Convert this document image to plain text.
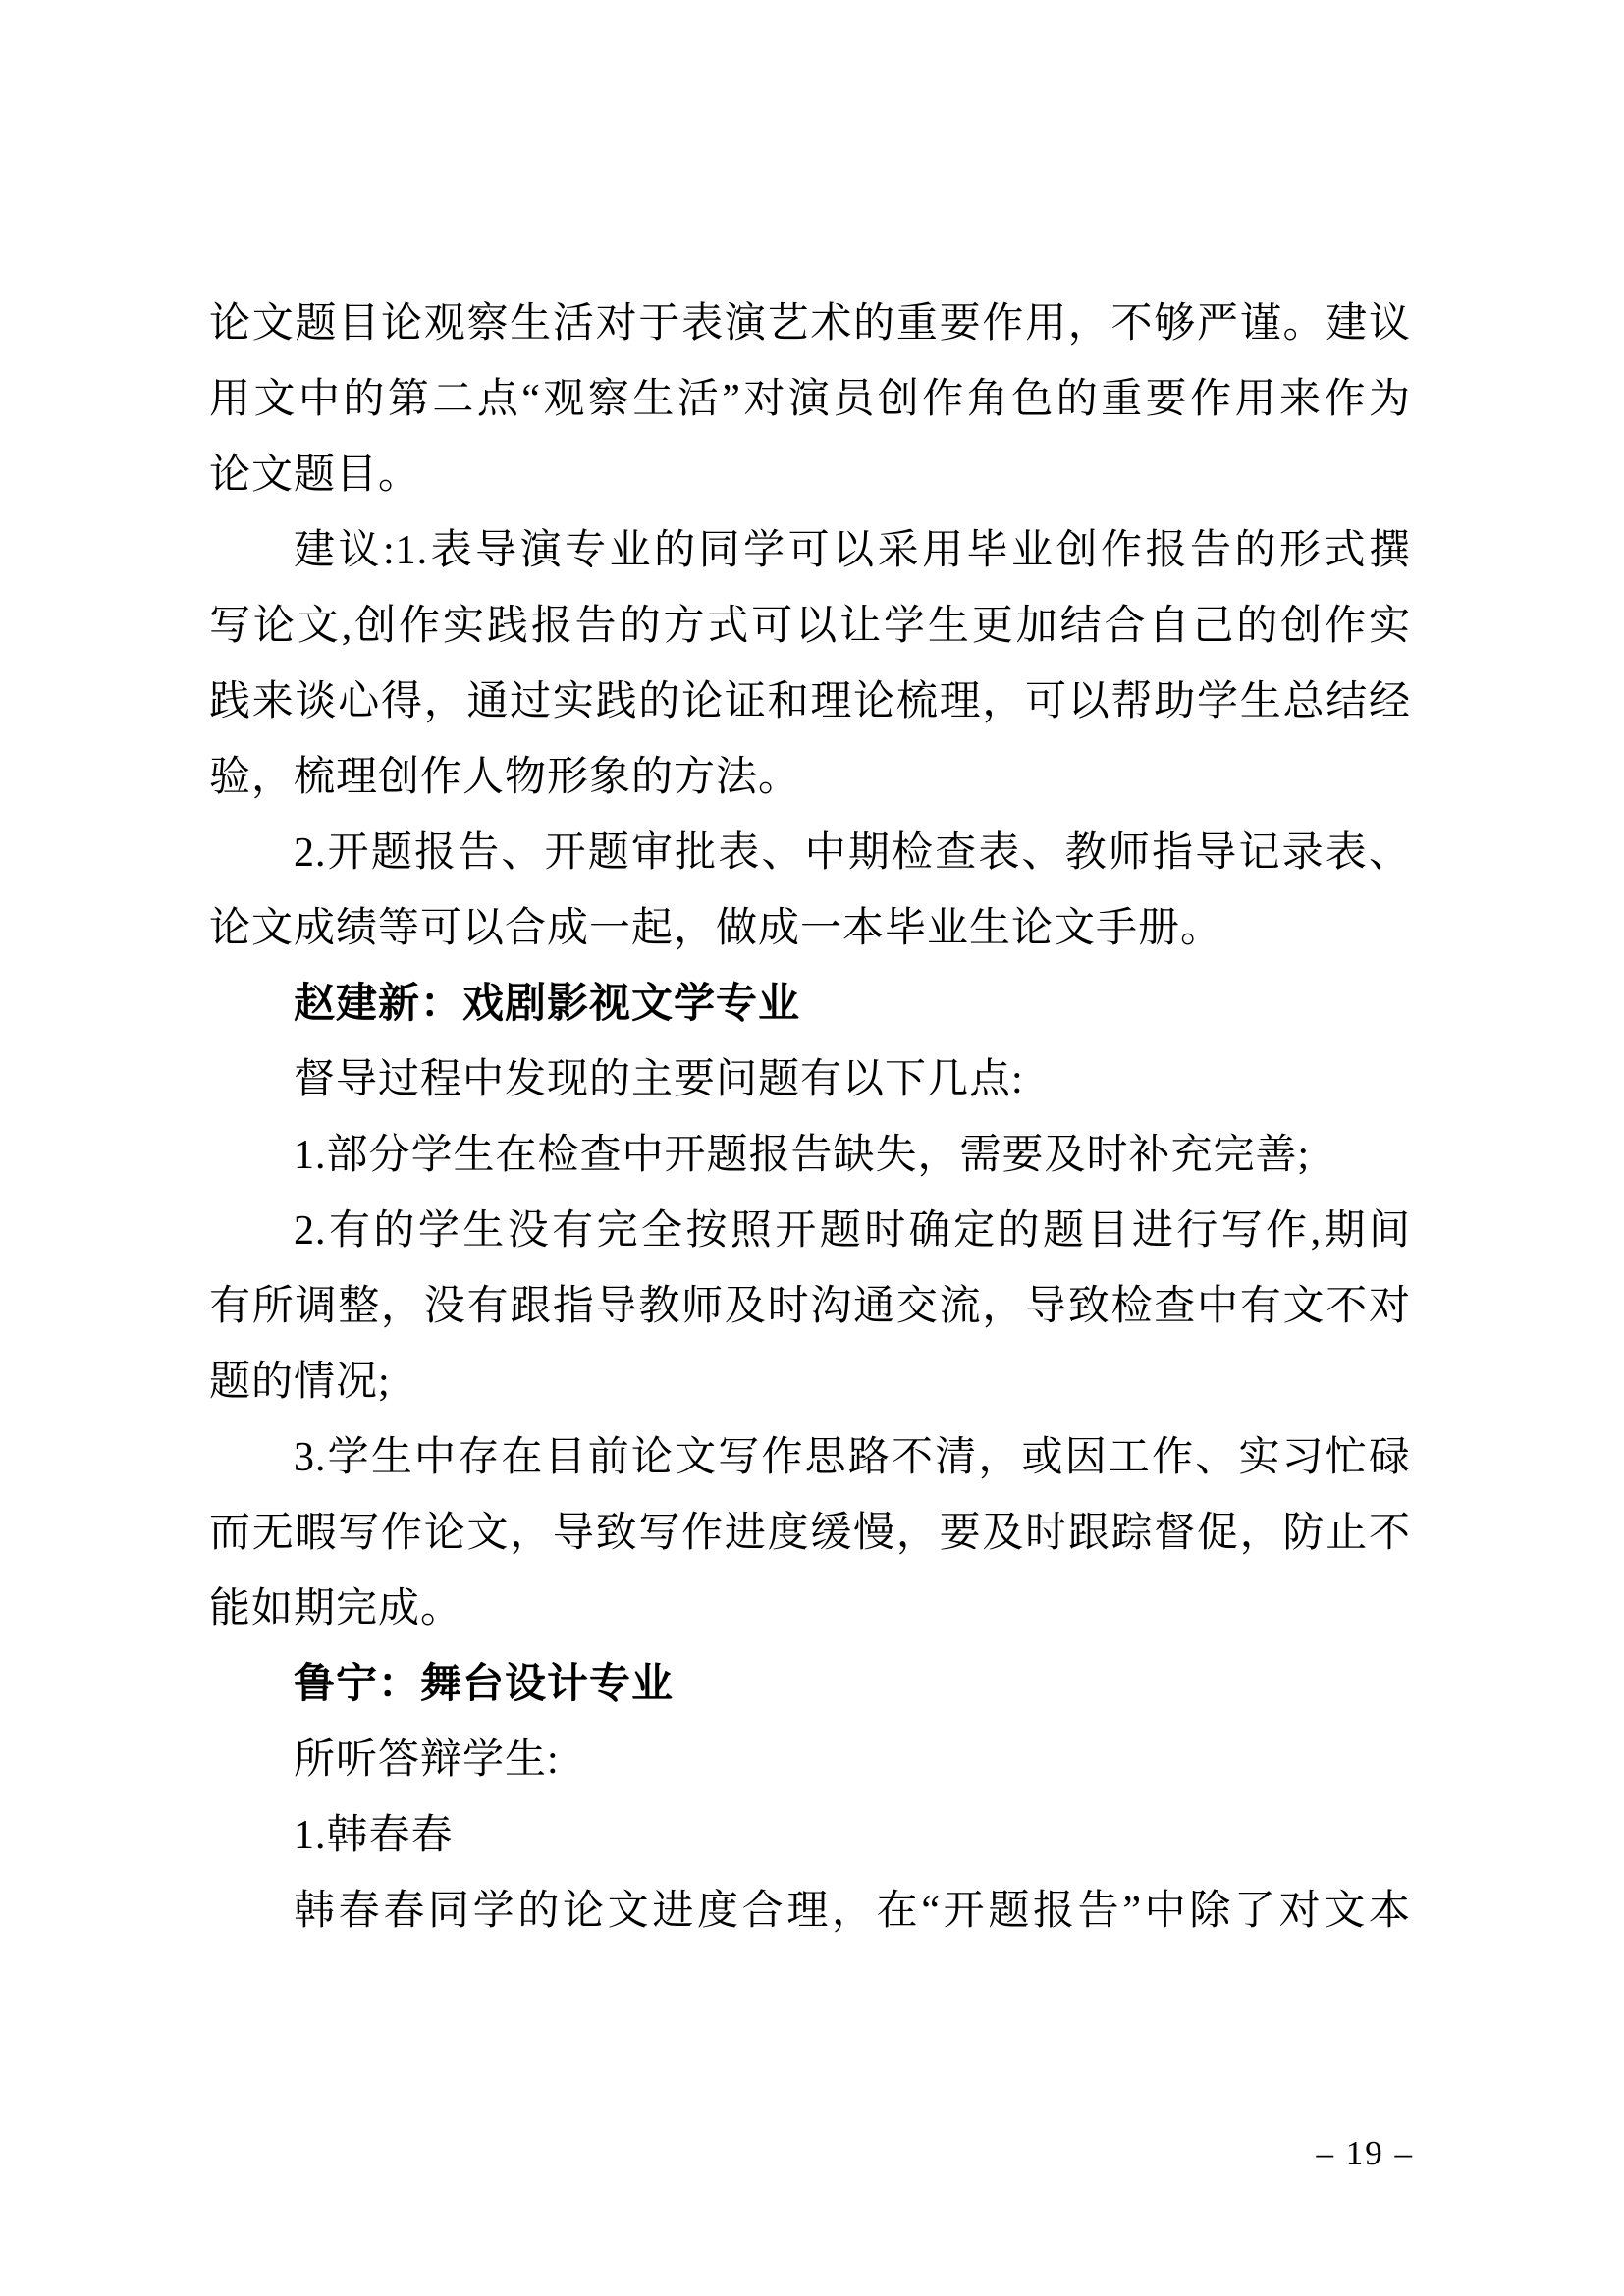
论文题目论观察生活对于表演艺术的重要作用，不够严谨。建议
用文中的第二点“观察生活”对演员创作角色的重要作用来作为
论文题目。
建议:1.表导演专业的同学可以采用毕业创作报告的形式撰
写论文,创作实践报告的方式可以让学生更加结合自己的创作实
践来谈心得，通过实践的论证和理论梳理，可以帮助学生总结经
验，梳理创作人物形象的方法。
2.开题报告、开题审批表、中期检查表、教师指导记录表、
论文成绩等可以合成一起，做成一本毕业生论文手册。
赵建新：戏剧影视文学专业
督导过程中发现的主要问题有以下几点:
1.部分学生在检查中开题报告缺失，需要及时补充完善;
2.有的学生没有完全按照开题时确定的题目进行写作,期间
有所调整，没有跟指导教师及时沟通交流，导致检查中有文不对
题的情况;
3.学生中存在目前论文写作思路不清，或因工作、实习忙碌
而无暇写作论文，导致写作进度缓慢，要及时跟踪督促，防止不
能如期完成。
鲁宁：舞台设计专业
所听答辩学生:
1.韩春春
韩春春同学的论文进度合理，在“开题报告”中除了对文本
– 19 –
